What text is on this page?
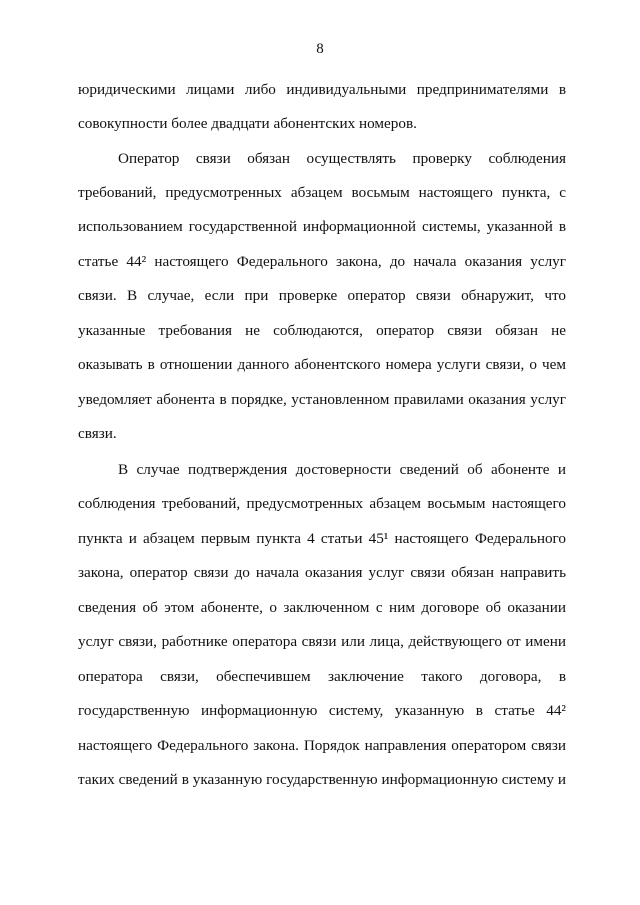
8
юридическими лицами либо индивидуальными предпринимателями в
совокупности более двадцати абонентских номеров.
Оператор связи обязан осуществлять проверку соблюдения
требований, предусмотренных абзацем восьмым настоящего пункта, с
использованием государственной информационной системы, указанной в
статье 44² настоящего Федерального закона, до начала оказания услуг
связи. В случае, если при проверке оператор связи обнаружит, что
указанные требования не соблюдаются, оператор связи обязан не
оказывать в отношении данного абонентского номера услуги связи, о чем
уведомляет абонента в порядке, установленном правилами оказания услуг
связи.
В случае подтверждения достоверности сведений об абоненте и
соблюдения требований, предусмотренных абзацем восьмым настоящего
пункта и абзацем первым пункта 4 статьи 45¹ настоящего Федерального
закона, оператор связи до начала оказания услуг связи обязан направить
сведения об этом абоненте, о заключенном с ним договоре об оказании
услуг связи, работнике оператора связи или лица, действующего от имени
оператора связи, обеспечившем заключение такого договора, в
государственную информационную систему, указанную в статье 44²
настоящего Федерального закона. Порядок направления оператором связи
таких сведений в указанную государственную информационную систему и
